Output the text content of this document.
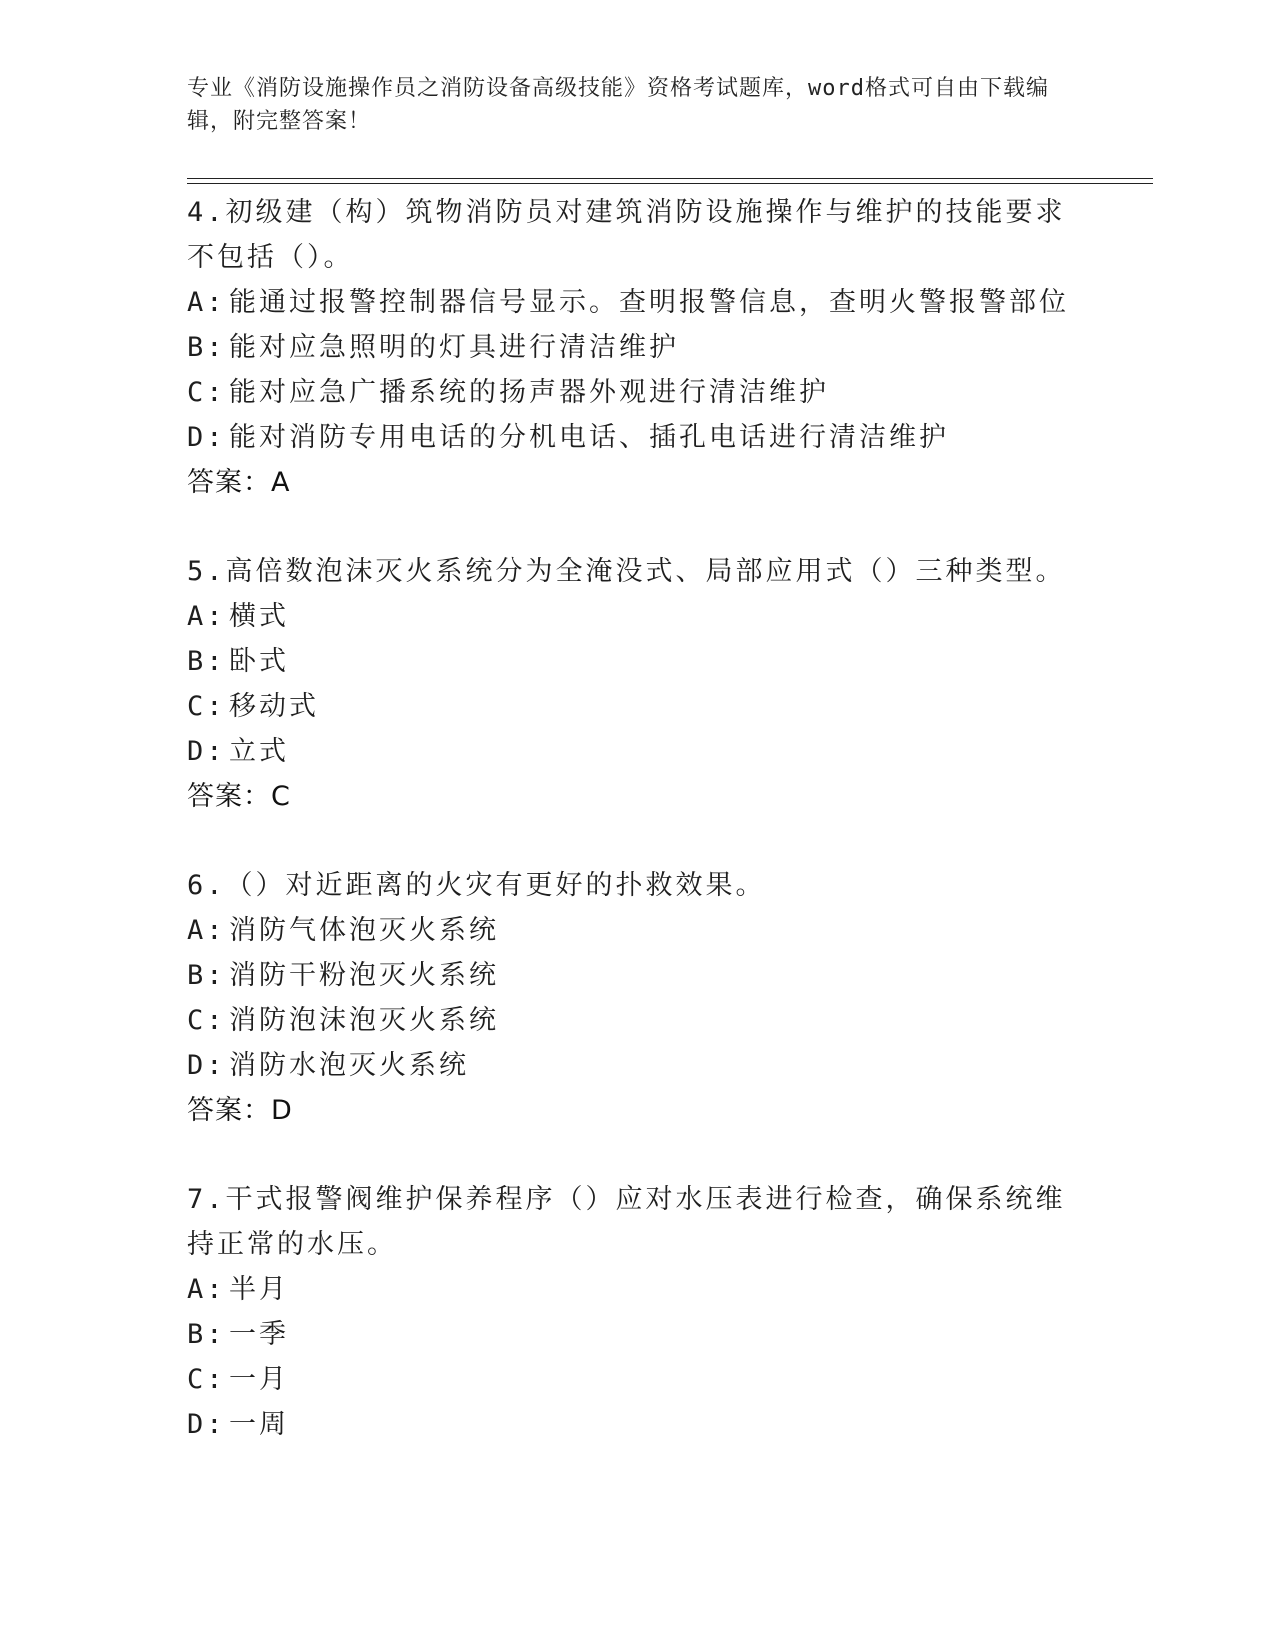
专业《消防设施操作员之消防设备高级技能》资格考试题库，word格式可自由下载编辑，附完整答案！
4.初级建（构）筑物消防员对建筑消防设施操作与维护的技能要求不包括（）。
A: 能通过报警控制器信号显示。查明报警信息，查明火警报警部位
B: 能对应急照明的灯具进行清洁维护
C: 能对应急广播系统的扬声器外观进行清洁维护
D: 能对消防专用电话的分机电话、插孔电话进行清洁维护
答案：A
5.高倍数泡沫灭火系统分为全淹没式、局部应用式（）三种类型。
A: 横式
B: 卧式
C: 移动式
D: 立式
答案：C
6.（）对近距离的火灾有更好的扑救效果。
A: 消防气体泡灭火系统
B: 消防干粉泡灭火系统
C: 消防泡沫泡灭火系统
D: 消防水泡灭火系统
答案：D
7.干式报警阀维护保养程序（）应对水压表进行检查，确保系统维持正常的水压。
A: 半月
B: 一季
C: 一月
D: 一周
